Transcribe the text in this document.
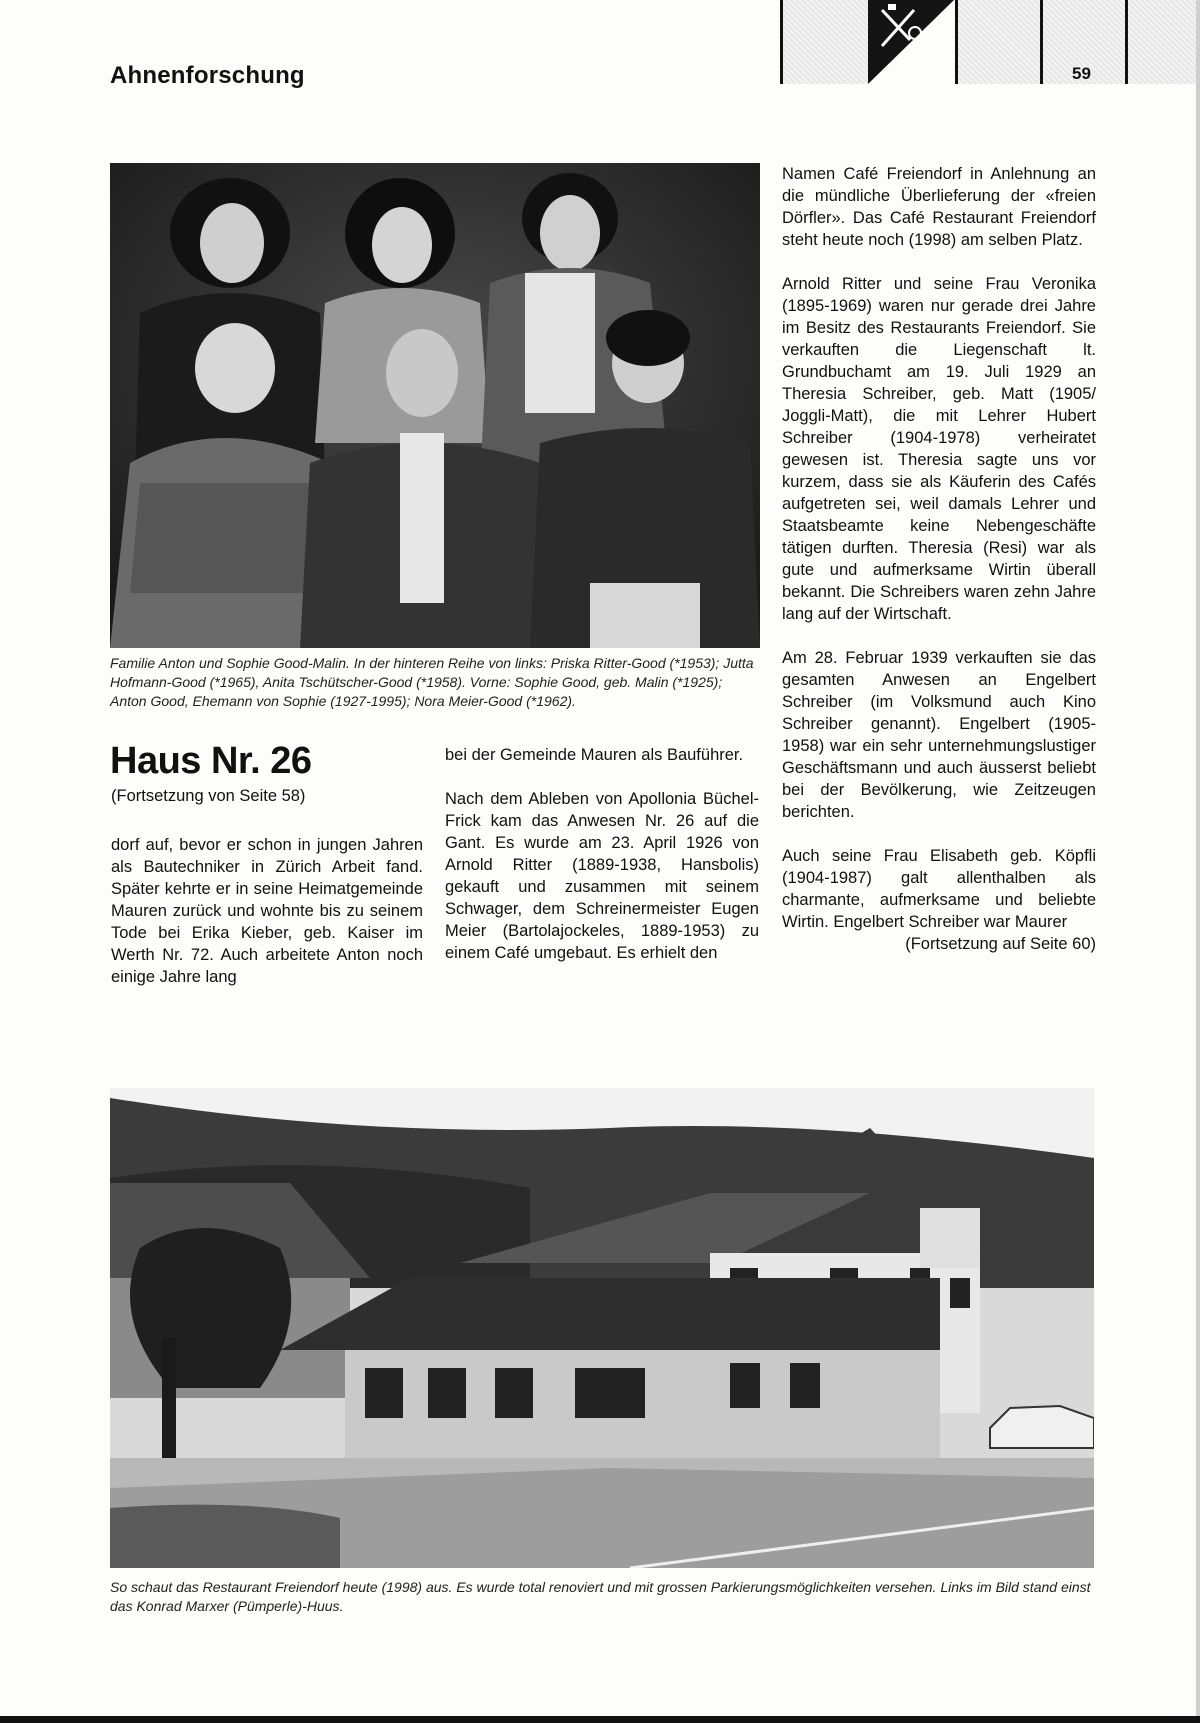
Ahnenforschung	59
Familie Anton und Sophie Good-Malin. In der hinteren Reihe von links: Priska Ritter-Good (*1953); Jutta Hofmann-Good (*1965), Anita Tschütscher-Good (*1958). Vorne: Sophie Good, geb. Malin (*1925); Anton Good, Ehemann von Sophie (1927-1995); Nora Meier-Good (*1962).
Haus Nr. 26
(Fortsetzung von Seite 58)

dorf auf, bevor er schon in jungen Jahren als Bautechniker in Zürich Arbeit fand. Später kehrte er in seine Heimatgemeinde Mauren zurück und wohnte bis zu seinem Tode bei Erika Kieber, geb. Kaiser im Werth Nr. 72. Auch arbeitete Anton noch einige Jahre lang

bei der Gemeinde Mauren als Bauführer.

Nach dem Ableben von Apollonia Büchel-Frick kam das Anwesen Nr. 26 auf die Gant. Es wurde am 23. April 1926 von Arnold Ritter (1889-1938, Hansbolis) gekauft und zusammen mit seinem Schwager, dem Schreinermeister Eugen Meier (Bartolajockeles, 1889-1953) zu einem Café umgebaut. Es erhielt den

Namen Café Freiendorf in Anlehnung an die mündliche Überlieferung der «freien Dörfler». Das Café Restaurant Freiendorf steht heute noch (1998) am selben Platz.

Arnold Ritter und seine Frau Veronika (1895-1969) waren nur gerade drei Jahre im Besitz des Restaurants Freiendorf. Sie verkauften die Liegenschaft lt. Grundbuchamt am 19. Juli 1929 an Theresia Schreiber, geb. Matt (1905/ Joggli-Matt), die mit Lehrer Hubert Schreiber (1904-1978) verheiratet gewesen ist. Theresia sagte uns vor kurzem, dass sie als Käuferin des Cafés aufgetreten sei, weil damals Lehrer und Staatsbeamte keine Nebengeschäfte tätigen durften. Theresia (Resi) war als gute und aufmerksame Wirtin überall bekannt. Die Schreibers waren zehn Jahre lang auf der Wirtschaft.

Am 28. Februar 1939 verkauften sie das gesamten Anwesen an Engelbert Schreiber (im Volksmund auch Kino Schreiber genannt). Engelbert (1905-1958) war ein sehr unternehmungslustiger Geschäftsmann und auch äusserst beliebt bei der Bevölkerung, wie Zeitzeugen berichten.

Auch seine Frau Elisabeth geb. Köpfli (1904-1987) galt allenthalben als charmante, aufmerksame und beliebte Wirtin. Engelbert Schreiber war Maurer

(Fortsetzung auf Seite 60)
So schaut das Restaurant Freiendorf heute (1998) aus. Es wurde total renoviert und mit grossen Parkierungsmöglichkeiten versehen. Links im Bild stand einst das Konrad Marxer (Pümperle)-Huus.
